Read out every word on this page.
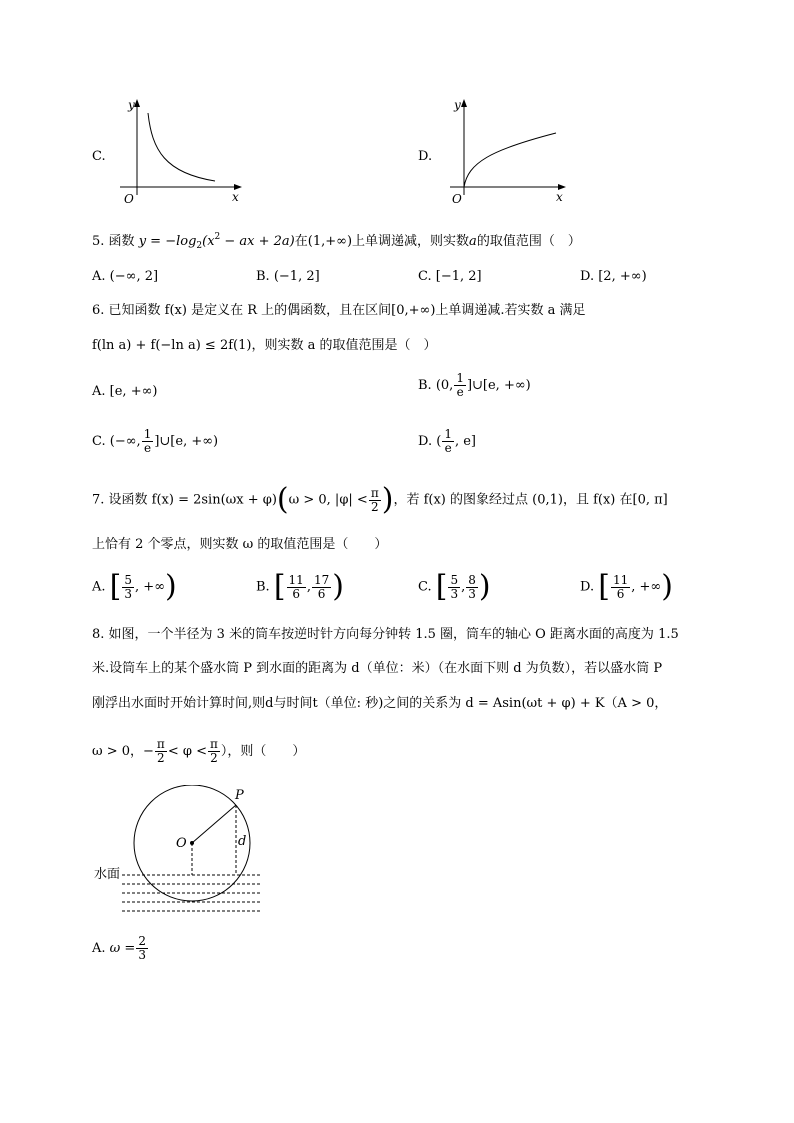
C.
y
x
O
D.
y
x
O
5. 函数 $y = -\log_2(x^2$ − ax + 2a)在(1,+∞)上单调递减，则实数a的取值范围（　）
A. (−∞, 2]	B. (−1, 2]	C. [−1, 2]	D. [2, +∞)
6. 已知函数 f(x) 是定义在 R 上的偶函数，且在区间[0,+∞)上单调递减.若实数 a 满足
f(ln a) + f(−ln a) ≤ 2f(1)，则实数 a 的取值范围是（　）
A. [e, +∞)	B. (0, $\frac{1}{e}$ ]∪[e, +∞)
C. (−∞, $\frac{1}{e}$ ]∪[e, +∞)	D. ( $\frac{1}{e}$ , e]
7. 设函数 f(x) = 2sin(ωx + φ)(ω > 0, $|\varphi| < \frac{\pi}{2}$ )，若 f(x) 的图象经过点 (0,1)，且 f(x) 在[0, π]
上恰有 2 个零点，则实数 ω 的取值范围是（　　）
A. [ $\frac{5}{3}$ , +∞)	B. [ $\frac{11}{6}$ , $\frac{17}{6}$ )	C. [ $\frac{5}{3}$ , $\frac{8}{3}$ )	D. [ $\frac{11}{6}$ , +∞)
8. 如图，一个半径为 3 米的筒车按逆时针方向每分钟转 1.5 圈，筒车的轴心 O 距离水面的高度为 1.5
米.设筒车上的某个盛水筒 P 到水面的距离为 d（单位：米）（在水面下则 d 为负数），若以盛水筒 P
刚浮出水面时开始计算时间,则d与时间t（单位: 秒)之间的关系为 d = Asin(ωt + φ) + K（A > 0，
ω > 0，− $\frac{\pi}{2} < \varphi < \frac{\pi}{2}$ ），则（　　）
P
O	d
水面
A. $\omega = \frac{2}{3}$
